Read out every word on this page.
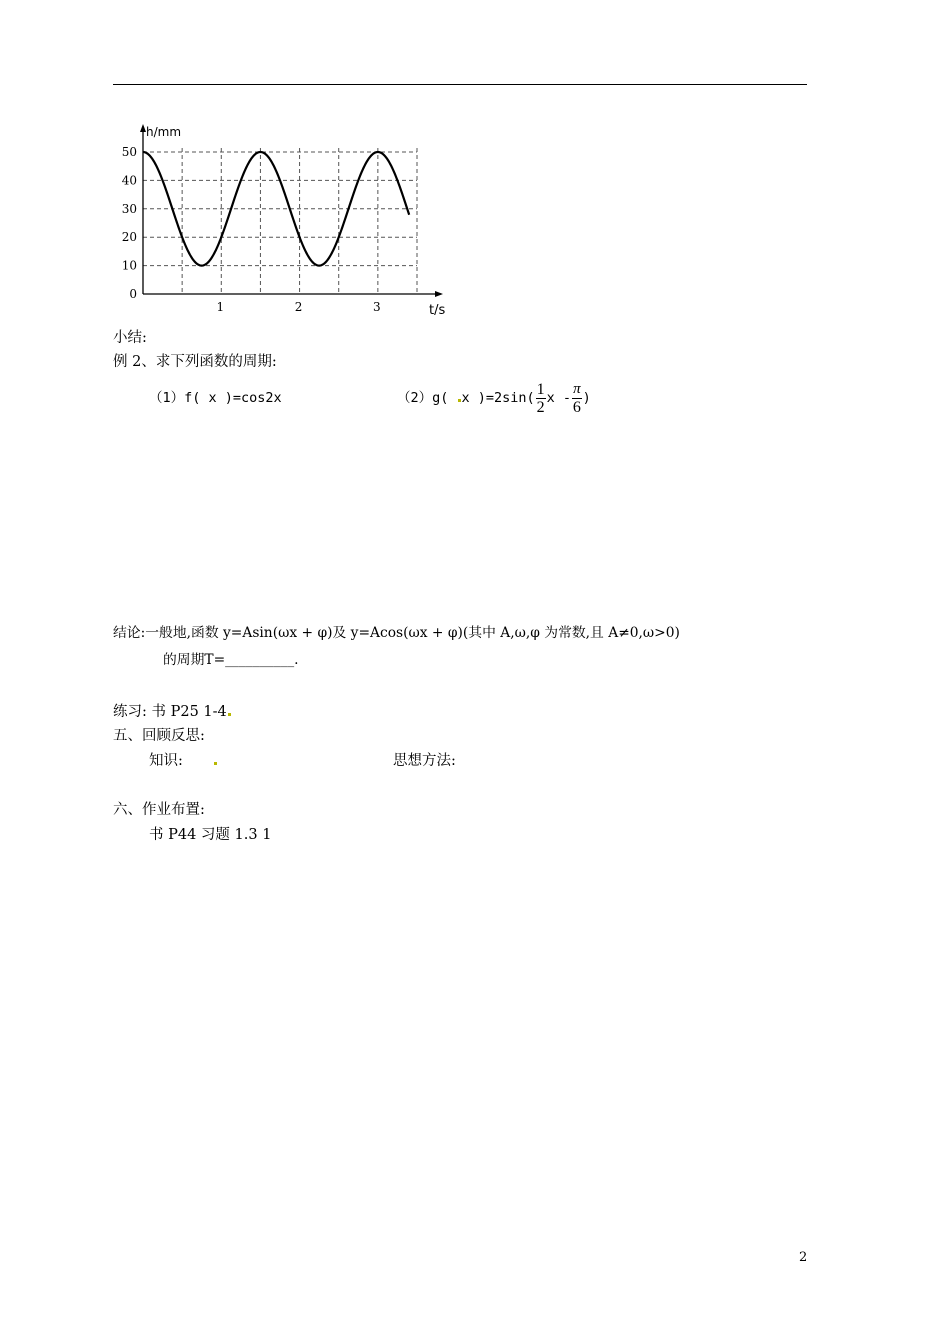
0
10
20
30
40
50
1	2	3
h/mm
t/s
小结:
例 2、求下列函数的周期:
（1）f( x )=cos2x	（2）g( x )$=2\sin( \frac{1}{2}$ x - $\frac{\pi}{6}$ )
结论:一般地,函数 y=Asin(ωx + φ)及 y=Acos(ωx + φ)(其中 A,ω,φ 为常数,且 A≠0,ω>0)
的周期T=__________.
练习: 书 P25 1-4
五、回顾反思:
知识:	思想方法:
六、作业布置:
书 P44 习题 1.3 1
2
